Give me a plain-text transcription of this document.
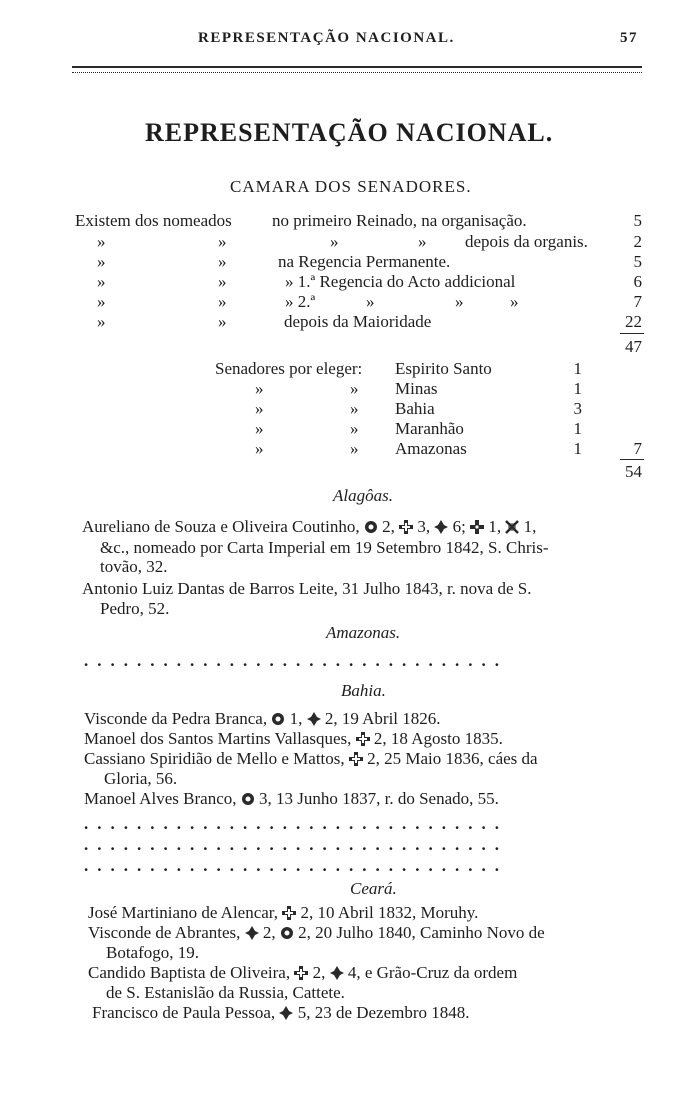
REPRESENTAÇÃO NACIONAL.	57
REPRESENTAÇÃO NACIONAL.
CAMARA DOS SENADORES.
Existem dos nomeados no primeiro Reinado, na organisação.	5
»	»	»	» depois da organis.	2
»	»	na Regencia Permanente.	5
»	»	» 1.ª Regencia do Acto addicional	6
»	»	» 2.ª	»	»	»	7
»	»	depois da Maioridade	22
47
Senadores por eleger: Espirito Santo	1
»	» Minas	1
»	» Bahia	3
»	» Maranhão	1
»	» Amazonas	1	7
54
Alagôas.
Aureliano de Souza e Oliveira Coutinho, 2, 3, 6; 1, 1,
&c., nomeado por Carta Imperial em 19 Setembro 1842, S. Chris-
tovão, 32.
Antonio Luiz Dantas de Barros Leite, 31 Julho 1843, r. nova de S.
Pedro, 52.
Amazonas.
................................
Bahia.
Visconde da Pedra Branca, 1, 2, 19 Abril 1826.
Manoel dos Santos Martins Vallasques, 2, 18 Agosto 1835.
Cassiano Spiridião de Mello e Mattos, 2, 25 Maio 1836, cáes da
Gloria, 56.
Manoel Alves Branco, 3, 13 Junho 1837, r. do Senado, 55.
................................
................................
................................
Ceará.
José Martiniano de Alencar, 2, 10 Abril 1832, Moruhy.
Visconde de Abrantes, 2, 2, 20 Julho 1840, Caminho Novo de
Botafogo, 19.
Candido Baptista de Oliveira, 2, 4, e Grão-Cruz da ordem
de S. Estanislão da Russia, Cattete.
Francisco de Paula Pessoa, 5, 23 de Dezembro 1848.
